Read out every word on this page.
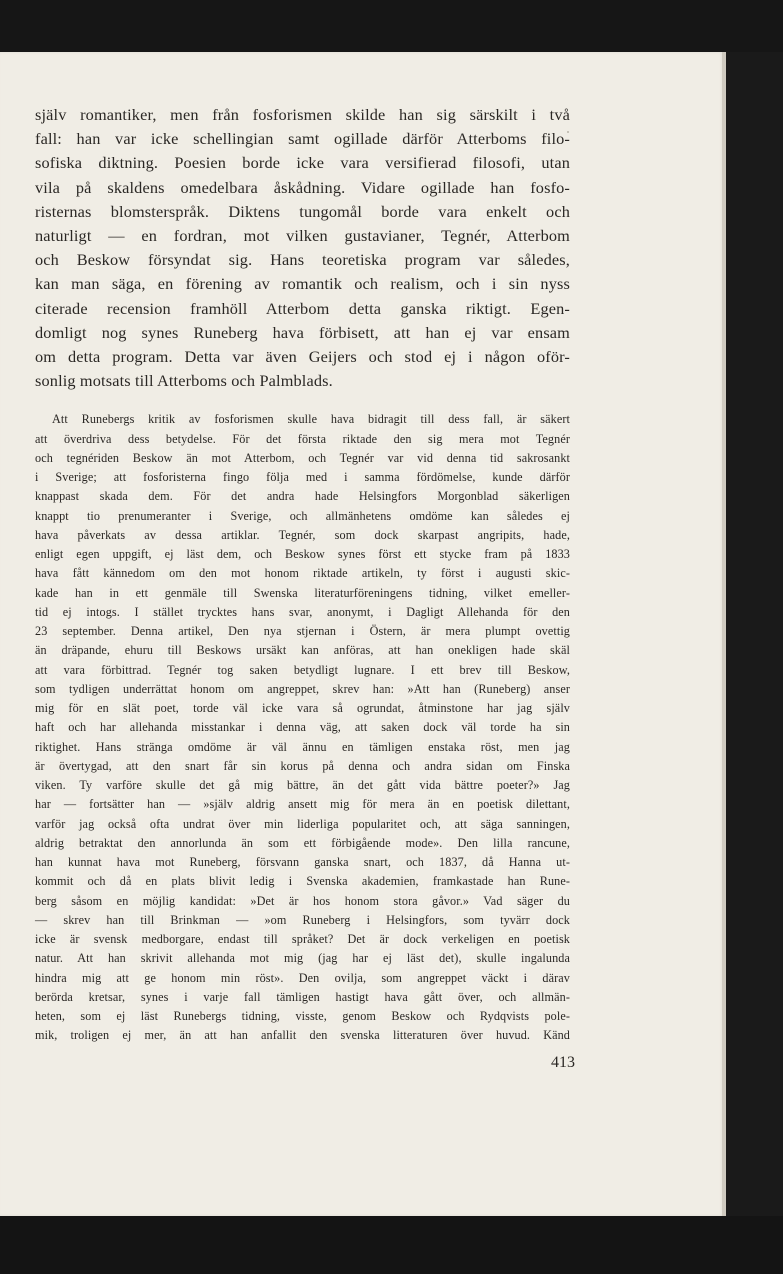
själv romantiker, men från fosforismen skilde han sig särskilt i två
fall: han var icke schellingian samt ogillade därför Atterboms filo-
sofiska diktning. Poesien borde icke vara versifierad filosofi, utan
vila på skaldens omedelbara åskådning. Vidare ogillade han fosfo-
risternas blomsterspråk. Diktens tungomål borde vara enkelt och
naturligt — en fordran, mot vilken gustavianer, Tegnér, Atterbom
och Beskow försyndat sig. Hans teoretiska program var således,
kan man säga, en förening av romantik och realism, och i sin nyss
citerade recension framhöll Atterbom detta ganska riktigt. Egen-
domligt nog synes Runeberg hava förbisett, att han ej var ensam
om detta program. Detta var även Geijers och stod ej i någon oför-
sonlig motsats till Atterboms och Palmblads.
Att Runebergs kritik av fosforismen skulle hava bidragit till dess fall, är säkert
att överdriva dess betydelse. För det första riktade den sig mera mot Tegnér
och tegnériden Beskow än mot Atterbom, och Tegnér var vid denna tid sakrosankt
i Sverige; att fosforisterna fingo följa med i samma fördömelse, kunde därför
knappast skada dem. För det andra hade Helsingfors Morgonblad säkerligen
knappt tio prenumeranter i Sverige, och allmänhetens omdöme kan således ej
hava påverkats av dessa artiklar. Tegnér, som dock skarpast angripits, hade,
enligt egen uppgift, ej läst dem, och Beskow synes först ett stycke fram på 1833
hava fått kännedom om den mot honom riktade artikeln, ty först i augusti skic-
kade han in ett genmäle till Swenska literaturföreningens tidning, vilket emeller-
tid ej intogs. I stället trycktes hans svar, anonymt, i Dagligt Allehanda för den
23 september. Denna artikel, Den nya stjernan i Östern, är mera plumpt ovettig
än dräpande, ehuru till Beskows ursäkt kan anföras, att han onekligen hade skäl
att vara förbittrad. Tegnér tog saken betydligt lugnare. I ett brev till Beskow,
som tydligen underrättat honom om angreppet, skrev han: »Att han (Runeberg) anser
mig för en slät poet, torde väl icke vara så ogrundat, åtminstone har jag själv
haft och har allehanda misstankar i denna väg, att saken dock väl torde ha sin
riktighet. Hans stränga omdöme är väl ännu en tämligen enstaka röst, men jag
är övertygad, att den snart får sin korus på denna och andra sidan om Finska
viken. Ty varföre skulle det gå mig bättre, än det gått vida bättre poeter?» Jag
har — fortsätter han — »själv aldrig ansett mig för mera än en poetisk dilettant,
varför jag också ofta undrat över min liderliga popularitet och, att säga sanningen,
aldrig betraktat den annorlunda än som ett förbigående mode». Den lilla rancune,
han kunnat hava mot Runeberg, försvann ganska snart, och 1837, då Hanna ut-
kommit och då en plats blivit ledig i Svenska akademien, framkastade han Rune-
berg såsom en möjlig kandidat: »Det är hos honom stora gåvor.» Vad säger du
— skrev han till Brinkman — »om Runeberg i Helsingfors, som tyvärr dock
icke är svensk medborgare, endast till språket? Det är dock verkeligen en poetisk
natur. Att han skrivit allehanda mot mig (jag har ej läst det), skulle ingalunda
hindra mig att ge honom min röst». Den ovilja, som angreppet väckt i därav
berörda kretsar, synes i varje fall tämligen hastigt hava gått över, och allmän-
heten, som ej läst Runebergs tidning, visste, genom Beskow och Rydqvists pole-
mik, troligen ej mer, än att han anfallit den svenska litteraturen över huvud. Känd
413
